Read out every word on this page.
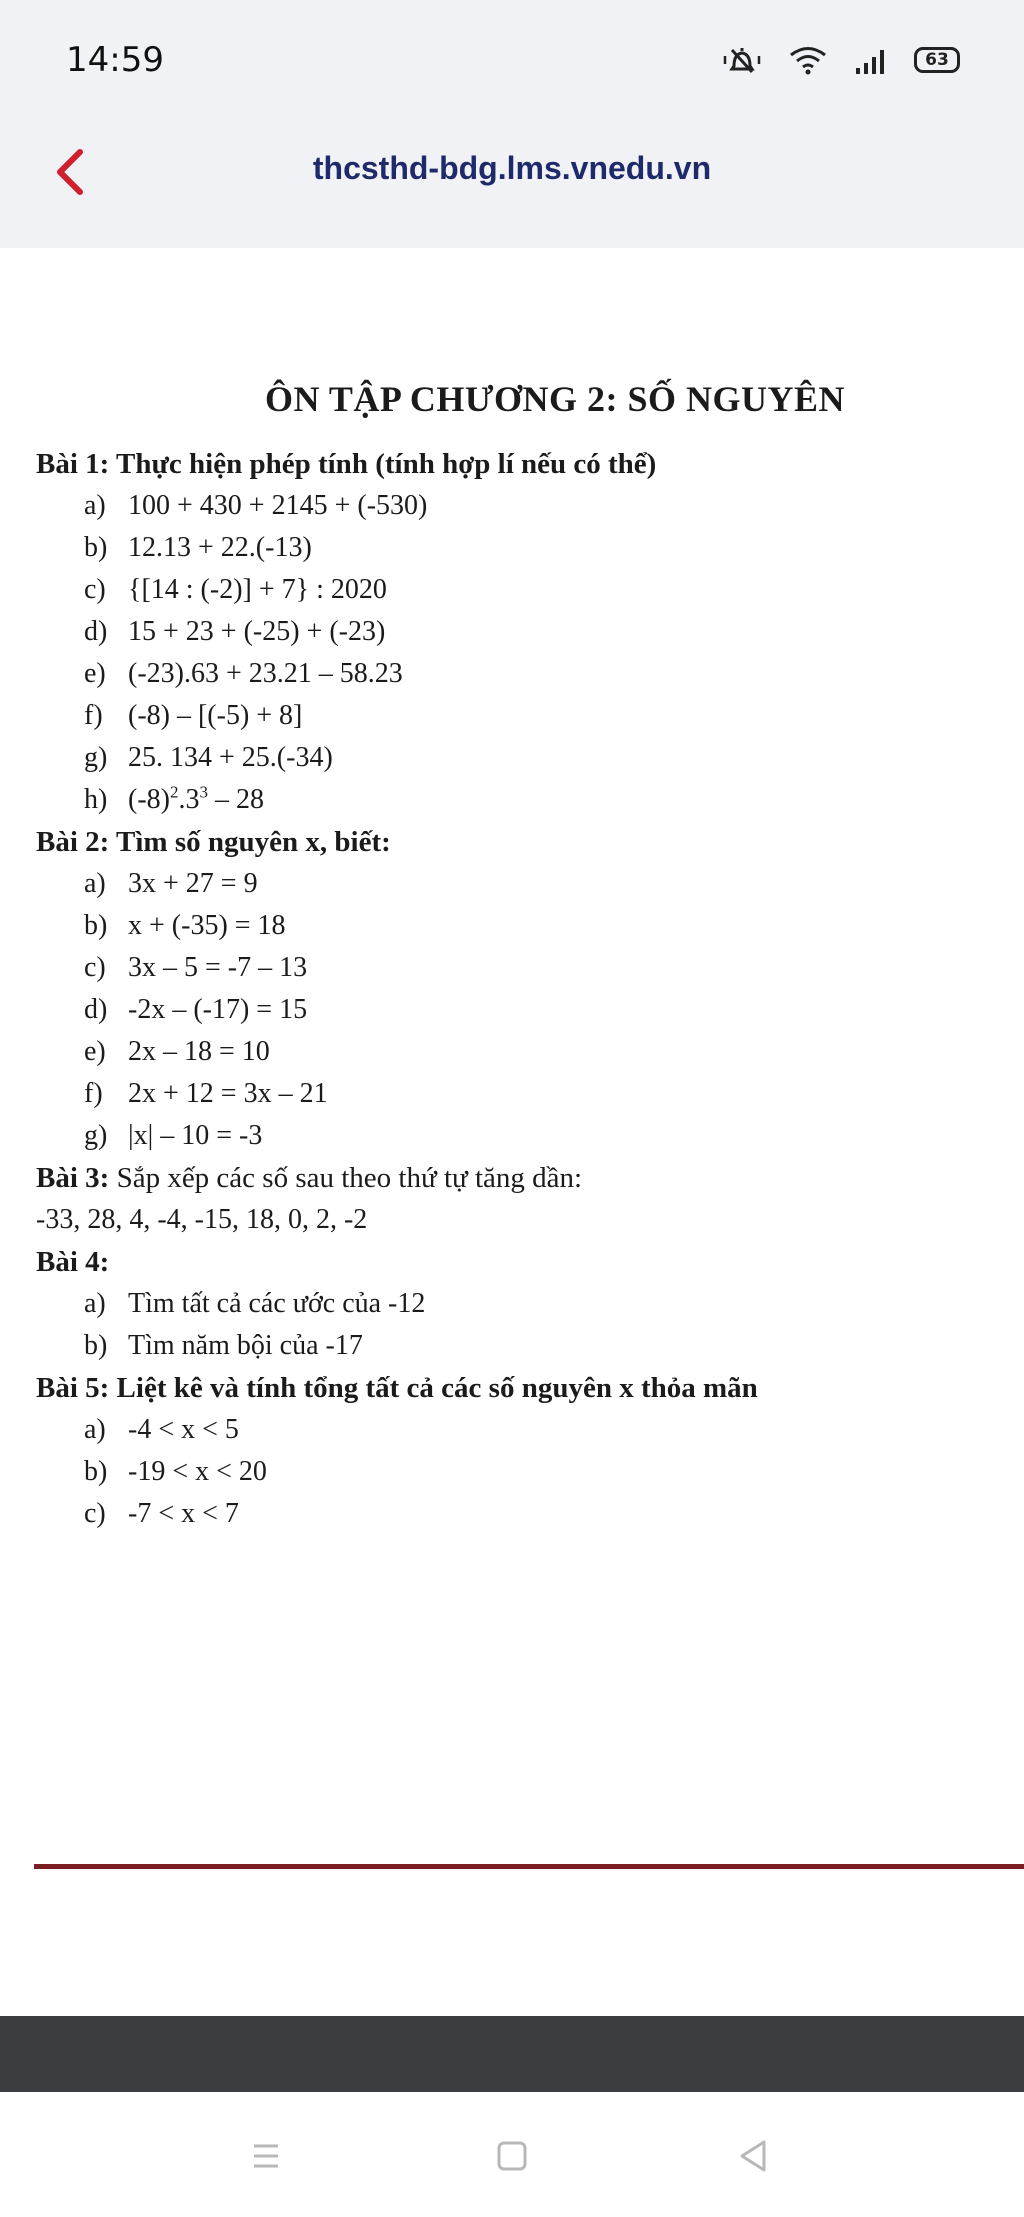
14:59	63
thcsthd-bdg.lms.vnedu.vn
ÔN TẬP CHƯƠNG 2: SỐ NGUYÊN
Bài 1: Thực hiện phép tính (tính hợp lí nếu có thể)
a) 100 + 430 + 2145 + (-530)
b) 12.13 + 22.(-13)
c) {[14 : (-2)] + 7} : 2020
d) 15 + 23 + (-25) + (-23)
e) (-23).63 + 23.21 – 58.23
f) (-8) – [(-5) + 8]
g) 25. 134 + 25.(-34)
h) $(-8)^2.3^3 - 28$
Bài 2: Tìm số nguyên x, biết:
a) 3x + 27 = 9
b) x + (-35) = 18
c) 3x – 5 = -7 – 13
d) -2x – (-17) = 15
e) 2x – 18 = 10
f) 2x + 12 = 3x – 21
g) |x| – 10 = -3
Bài 3: Sắp xếp các số sau theo thứ tự tăng dần:
-33, 28, 4, -4, -15, 18, 0, 2, -2
Bài 4:
a) Tìm tất cả các ước của -12
b) Tìm năm bội của -17
Bài 5: Liệt kê và tính tổng tất cả các số nguyên x thỏa mãn
a) -4 < x < 5
b) -19 < x < 20
c) -7 < x < 7
